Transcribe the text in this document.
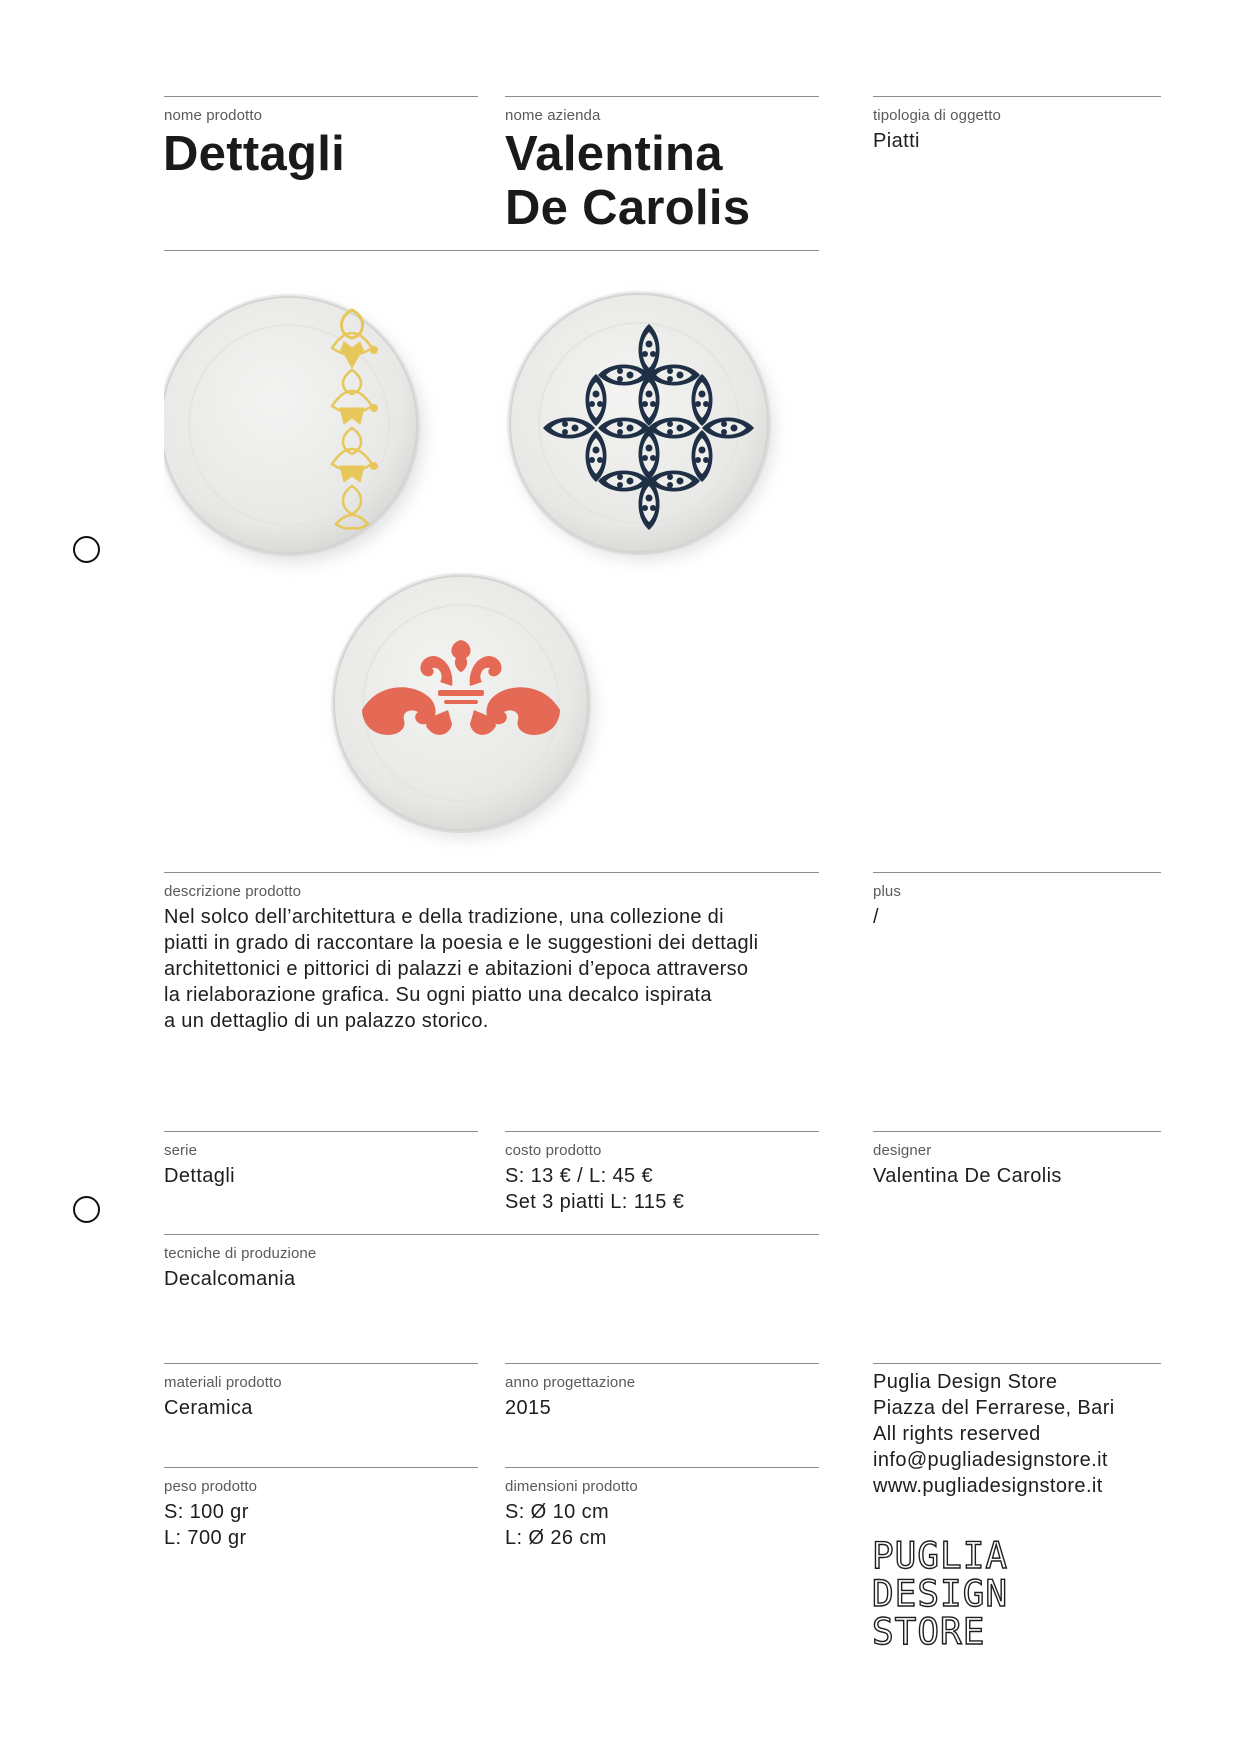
nome prodotto
Dettagli
nome azienda
Valentina
De Carolis
tipologia di oggetto
Piatti
descrizione prodotto
Nel solco dell’architettura e della tradizione, una collezione di
piatti in grado di raccontare la poesia e le suggestioni dei dettagli
architettonici e pittorici di palazzi e abitazioni d’epoca attraverso
la rielaborazione grafica. Su ogni piatto una decalco ispirata
a un dettaglio di un palazzo storico.
plus
/
serie
Dettagli
costo prodotto
S: 13 € / L: 45 €
Set 3 piatti L: 115 €
designer
Valentina De Carolis
tecniche di produzione
Decalcomania
materiali prodotto
Ceramica
anno progettazione
2015
Puglia Design Store
Piazza del Ferrarese, Bari
All rights reserved
info@pugliadesignstore.it
www.pugliadesignstore.it
peso prodotto
S: 100 gr
L: 700 gr
dimensioni prodotto
S: Ø 10 cm
L: Ø 26 cm	PUGLIA
DESIGN
STORE
